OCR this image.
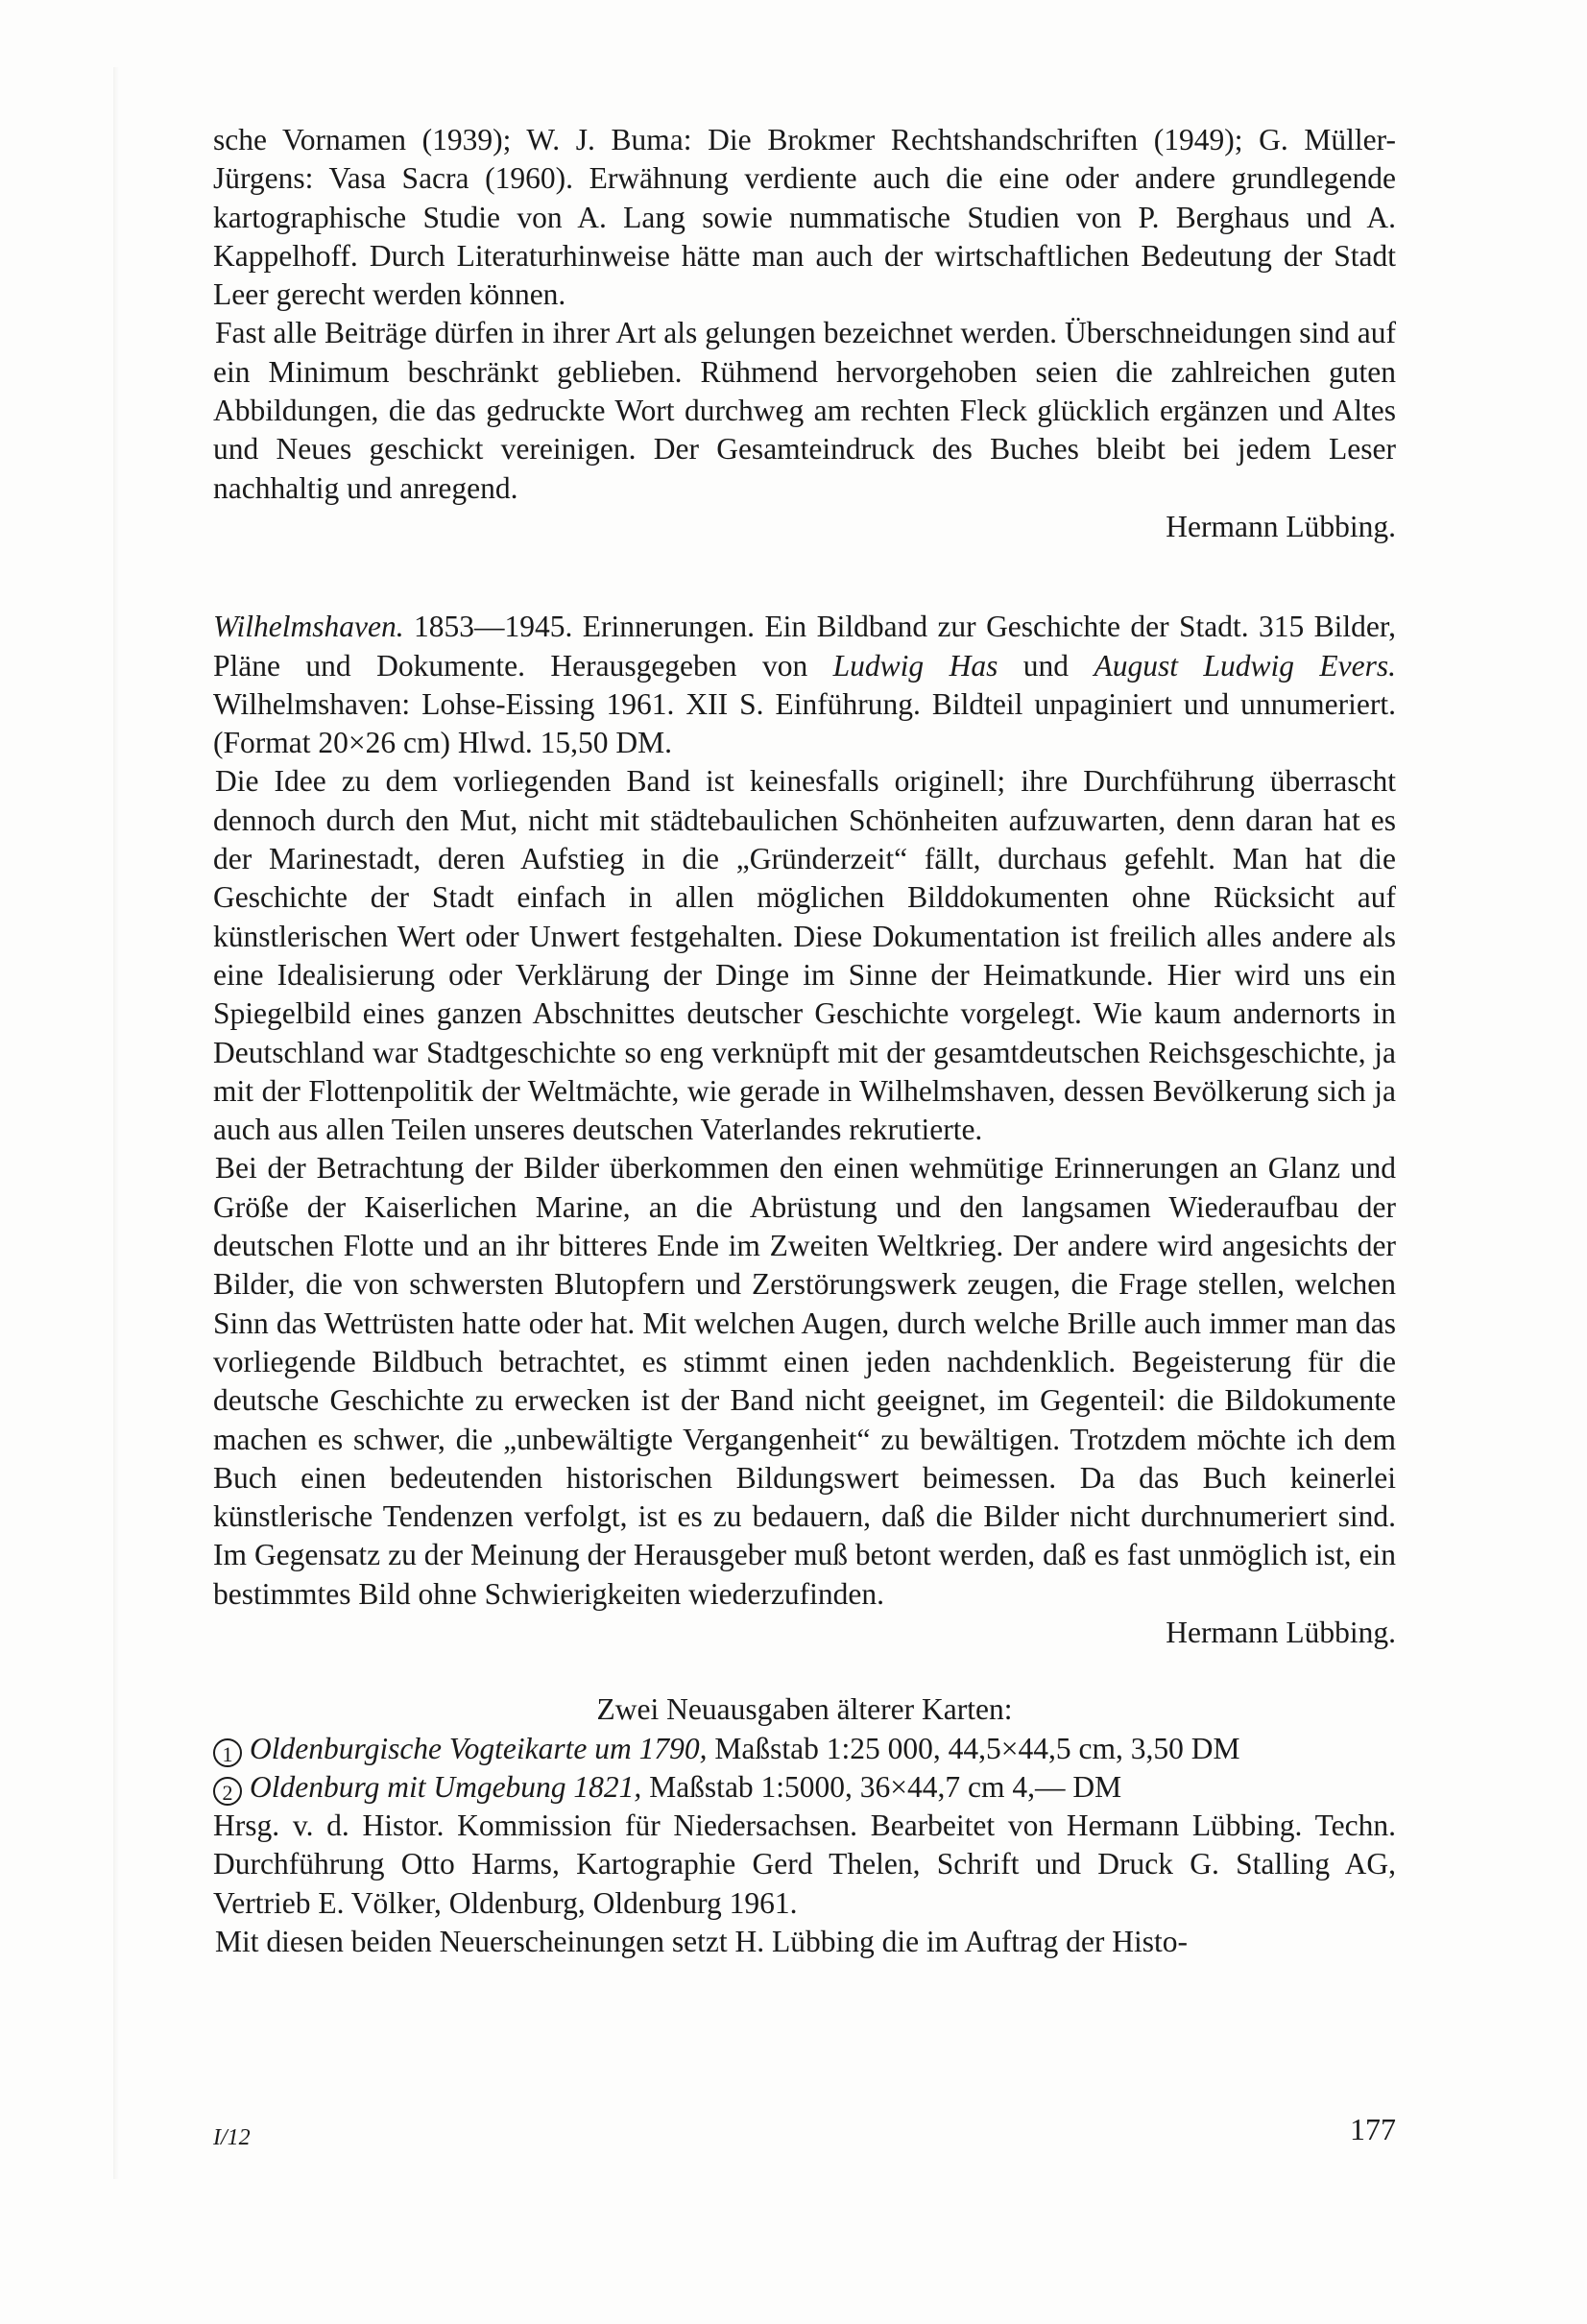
sche Vornamen (1939); W. J. Buma: Die Brokmer Rechtshandschriften (1949); G. Müller-Jürgens: Vasa Sacra (1960). Erwähnung verdiente auch die eine oder andere grundlegende kartographische Studie von A. Lang sowie nummatische Studien von P. Berghaus und A. Kappelhoff. Durch Literaturhinweise hätte man auch der wirtschaftlichen Bedeutung der Stadt Leer gerecht werden können.

Fast alle Beiträge dürfen in ihrer Art als gelungen bezeichnet werden. Überschneidungen sind auf ein Minimum beschränkt geblieben. Rühmend hervorgehoben seien die zahlreichen guten Abbildungen, die das gedruckte Wort durchweg am rechten Fleck glücklich ergänzen und Altes und Neues geschickt vereinigen. Der Gesamteindruck des Buches bleibt bei jedem Leser nachhaltig und anregend.

Hermann Lübbing.

Wilhelmshaven. 1853—1945. Erinnerungen. Ein Bildband zur Geschichte der Stadt. 315 Bilder, Pläne und Dokumente. Herausgegeben von Ludwig Has und August Ludwig Evers. Wilhelmshaven: Lohse-Eissing 1961. XII S. Einführung. Bildteil unpaginiert und unnumeriert. (Format 20×26 cm) Hlwd. 15,50 DM.

Die Idee zu dem vorliegenden Band ist keinesfalls originell; ihre Durchführung überrascht dennoch durch den Mut, nicht mit städtebaulichen Schönheiten aufzuwarten, denn daran hat es der Marinestadt, deren Aufstieg in die „Gründerzeit“ fällt, durchaus gefehlt. Man hat die Geschichte der Stadt einfach in allen möglichen Bilddokumenten ohne Rücksicht auf künstlerischen Wert oder Unwert festgehalten. Diese Dokumentation ist freilich alles andere als eine Idealisierung oder Verklärung der Dinge im Sinne der Heimatkunde. Hier wird uns ein Spiegelbild eines ganzen Abschnittes deutscher Geschichte vorgelegt. Wie kaum andernorts in Deutschland war Stadtgeschichte so eng verknüpft mit der gesamtdeutschen Reichsgeschichte, ja mit der Flottenpolitik der Weltmächte, wie gerade in Wilhelmshaven, dessen Bevölkerung sich ja auch aus allen Teilen unseres deutschen Vaterlandes rekrutierte.

Bei der Betrachtung der Bilder überkommen den einen wehmütige Erinnerungen an Glanz und Größe der Kaiserlichen Marine, an die Abrüstung und den langsamen Wiederaufbau der deutschen Flotte und an ihr bitteres Ende im Zweiten Weltkrieg. Der andere wird angesichts der Bilder, die von schwersten Blutopfern und Zerstörungswerk zeugen, die Frage stellen, welchen Sinn das Wettrüsten hatte oder hat. Mit welchen Augen, durch welche Brille auch immer man das vorliegende Bildbuch betrachtet, es stimmt einen jeden nachdenklich. Begeisterung für die deutsche Geschichte zu erwecken ist der Band nicht geeignet, im Gegenteil: die Bildokumente machen es schwer, die „unbewältigte Vergangenheit“ zu bewältigen. Trotzdem möchte ich dem Buch einen bedeutenden historischen Bildungswert beimessen. Da das Buch keinerlei künstlerische Tendenzen verfolgt, ist es zu bedauern, daß die Bilder nicht durchnumeriert sind. Im Gegensatz zu der Meinung der Herausgeber muß betont werden, daß es fast unmöglich ist, ein bestimmtes Bild ohne Schwierigkeiten wiederzufinden.

Hermann Lübbing.

Zwei Neuausgaben älterer Karten:

1 Oldenburgische Vogteikarte um 1790, Maßstab 1:25 000, 44,5×44,5 cm, 3,50 DM

2 Oldenburg mit Umgebung 1821, Maßstab 1:5000, 36×44,7 cm 4,— DM

Hrsg. v. d. Histor. Kommission für Niedersachsen. Bearbeitet von Hermann Lübbing. Techn. Durchführung Otto Harms, Kartographie Gerd Thelen, Schrift und Druck G. Stalling AG, Vertrieb E. Völker, Oldenburg, Oldenburg 1961.

Mit diesen beiden Neuerscheinungen setzt H. Lübbing die im Auftrag der Histo-

I/12	177
